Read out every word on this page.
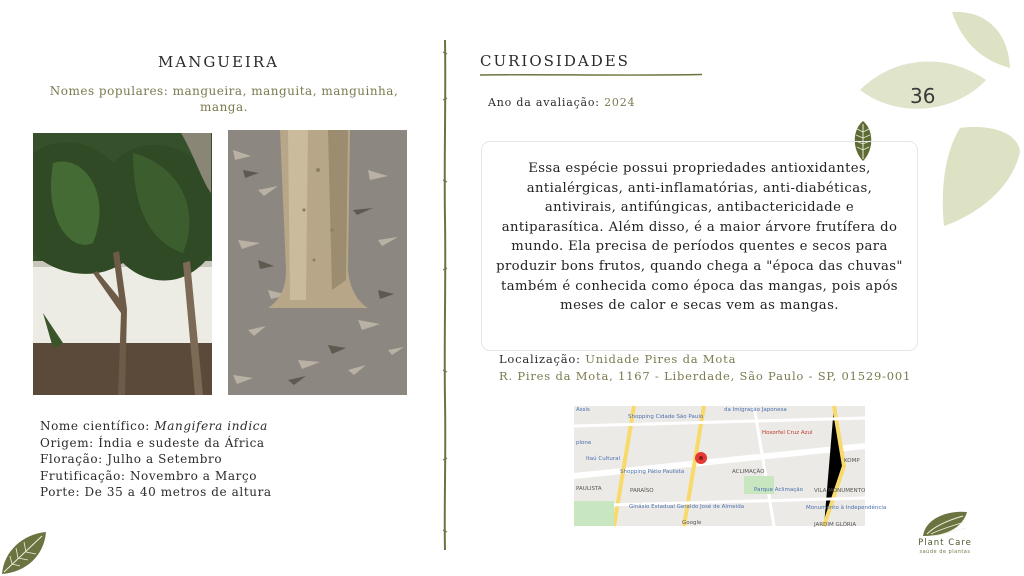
36
MANGUEIRA
Nomes populares: mangueira, manguita, manguinha, manga.
Nome científico: Mangifera indica
Origem: Índia e sudeste da África
Floração: Julho a Setembro
Frutificação: Novembro a Março
Porte: De 35 a 40 metros de altura
CURIOSIDADES
Ano da avaliação: 2024
Essa espécie possui propriedades antioxidantes, antialérgicas, anti-inflamatórias, anti-diabéticas, antivirais, antifúngicas, antibactericidade e antiparasítica. Além disso, é a maior árvore frutífera do mundo. Ela precisa de períodos quentes e secos para produzir bons frutos, quando chega a "época das chuvas" também é conhecida como época das mangas, pois após meses de calor e secas vem as mangas.
Localização: Unidade Pires da Mota
R. Pires da Mota, 1167 - Liberdade, São Paulo - SP, 01529-001
Assis
Shopping Cidade São Paulo
da Imigração Japonesa
plone
Itaú Cultural
Shopping Pátio Paulista
Parque Aclimação
Ginásio Estadual Geraldo José de Almeida	Monumento à Independência
Hoxorfel Cruz Azul
KOMP
ACLIMAÇÃO
PAULISTA	PARAÍSO	VILA MONUMENTO
JARDIM GLÓRIA
Google
Plant Care
saúde de plantas
